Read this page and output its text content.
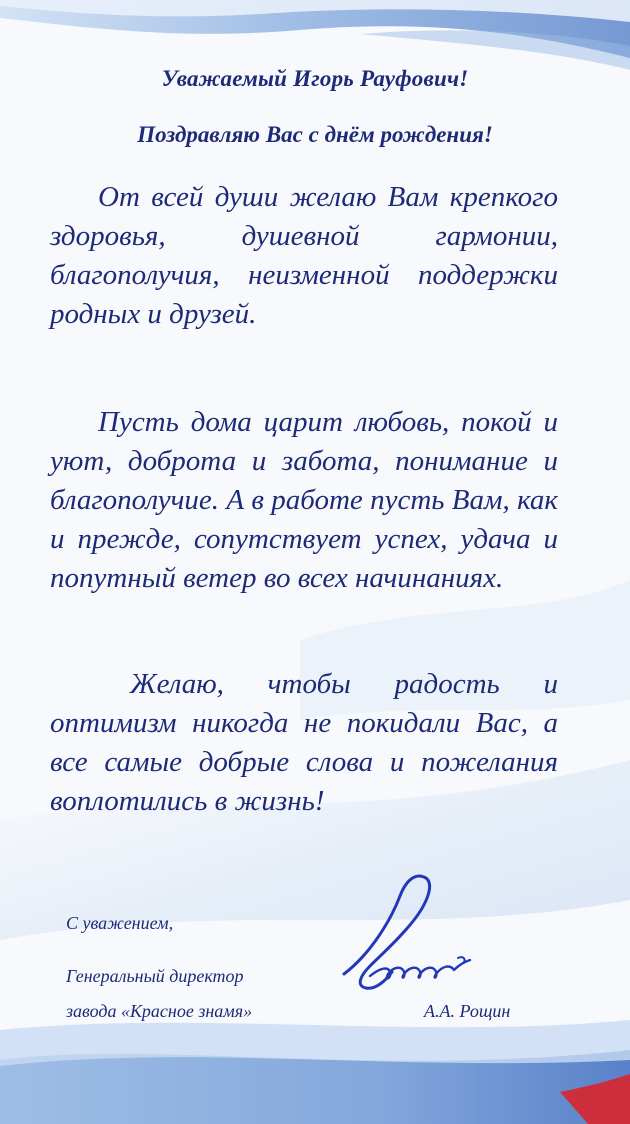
Уважаемый Игорь Рауфович!
Поздравляю Вас с днём рождения!
От всей души желаю Вам крепкого здоровья, душевной гармонии, благополучия, неизменной поддержки родных и друзей.
Пусть дома царит любовь, покой и уют, доброта и забота, понимание и благополучие. А в работе пусть Вам, как и прежде, сопутствует успех, удача и попутный ветер во всех начинаниях.
Желаю, чтобы радость и оптимизм никогда не покидали Вас, а все самые добрые слова и пожелания воплотились в жизнь!
С уважением,
Генеральный директор
завода «Красное знамя»	А.А. Рощин
